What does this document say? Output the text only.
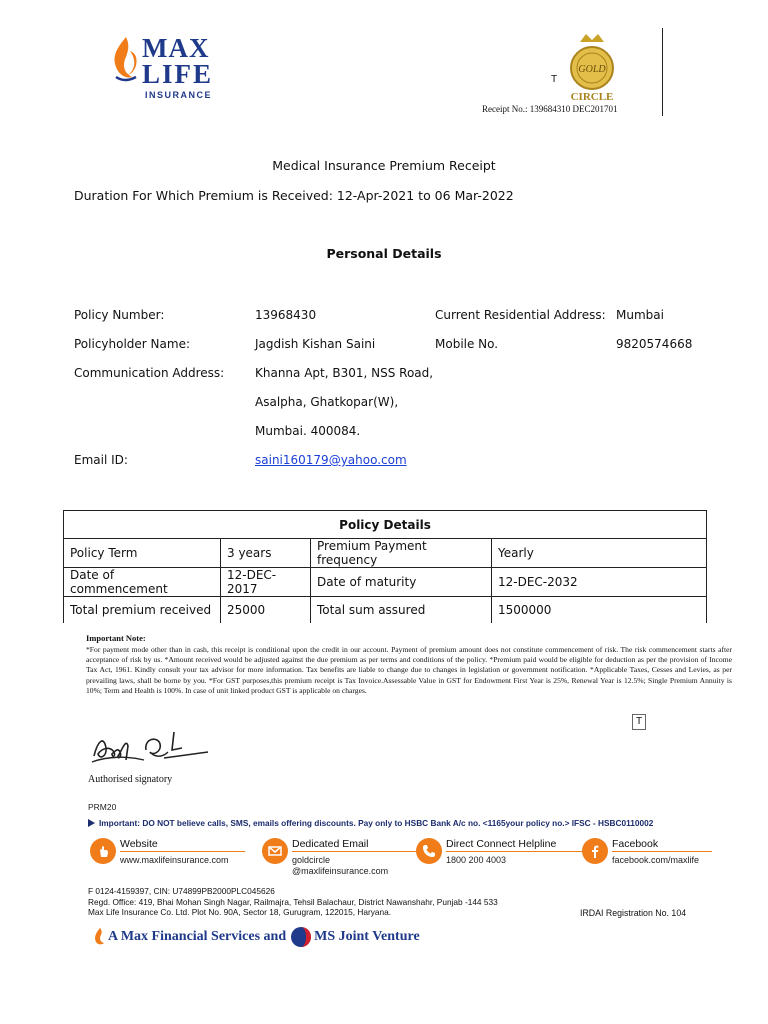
MAX
LIFE
INSURANCE
T
GOLD
CIRCLE
Receipt No.: 139684310 DEC201701
Medical Insurance Premium Receipt
Duration For Which Premium is Received: 12-Apr-2021 to 06 Mar-2022
Personal Details
Policy Number:	13968430	Current Residential Address: Mumbai
Policyholder Name:	Jagdish Kishan Saini	Mobile No.	9820574668
Communication Address:	Khanna Apt, B301, NSS Road,
Asalpha, Ghatkopar(W),
Mumbai. 400084.
Email ID:	saini160179@yahoo.com
Policy Details			
Policy Term	3 years	Premium Payment frequency	Yearly
Date of commencement	12-DEC-2017	Date of maturity	12-DEC-2032
Total premium received	25000	Total sum assured	1500000
Important Note:
*For payment mode other than in cash, this receipt is conditional upon the credit in our account. Payment of premium amount does not constitute commencement of risk. The risk commencement starts after acceptance of risk by us. *Amount received would be adjusted against the due premium as per terms and conditions of the policy. *Premium paid would be eligible for deduction as per the provision of Income Tax Act, 1961. Kindly consult your tax advisor for more information. Tax benefits are liable to change due to changes in legislation or government notification. *Applicable Taxes, Cesses and Levies, as per prevailing laws, shall be borne by you. *For GST purposes,this premium receipt is Tax Invoice.Assessable Value in GST for Endowment First Year is 25%, Renewal Year is 12.5%; Single Premium Annuity is 10%; Term and Health is 100%. In case of unit linked product GST is applicable on charges.
T
Authorised signatory
PRM20
Important: DO NOT believe calls, SMS, emails offering discounts. Pay only to HSBC Bank A/c no. <1165your policy no.> IFSC - HSBC0110002
Website
www.maxlifeinsurance.com
Dedicated Email
goldcircle
@maxlifeinsurance.com
Direct Connect Helpline
1800 200 4003
Facebook
facebook.com/maxlife
F 0124-4159397, CIN: U74899PB2000PLC045626
Regd. Office: 419, Bhai Mohan Singh Nagar, Railmajra, Tehsil Balachaur, District Nawanshahr, Punjab -144 533
Max Life Insurance Co. Ltd. Plot No. 90A, Sector 18, Gurugram, 122015, Haryana.	IRDAI Registration No. 104
A Max Financial Services and MS Joint Venture
